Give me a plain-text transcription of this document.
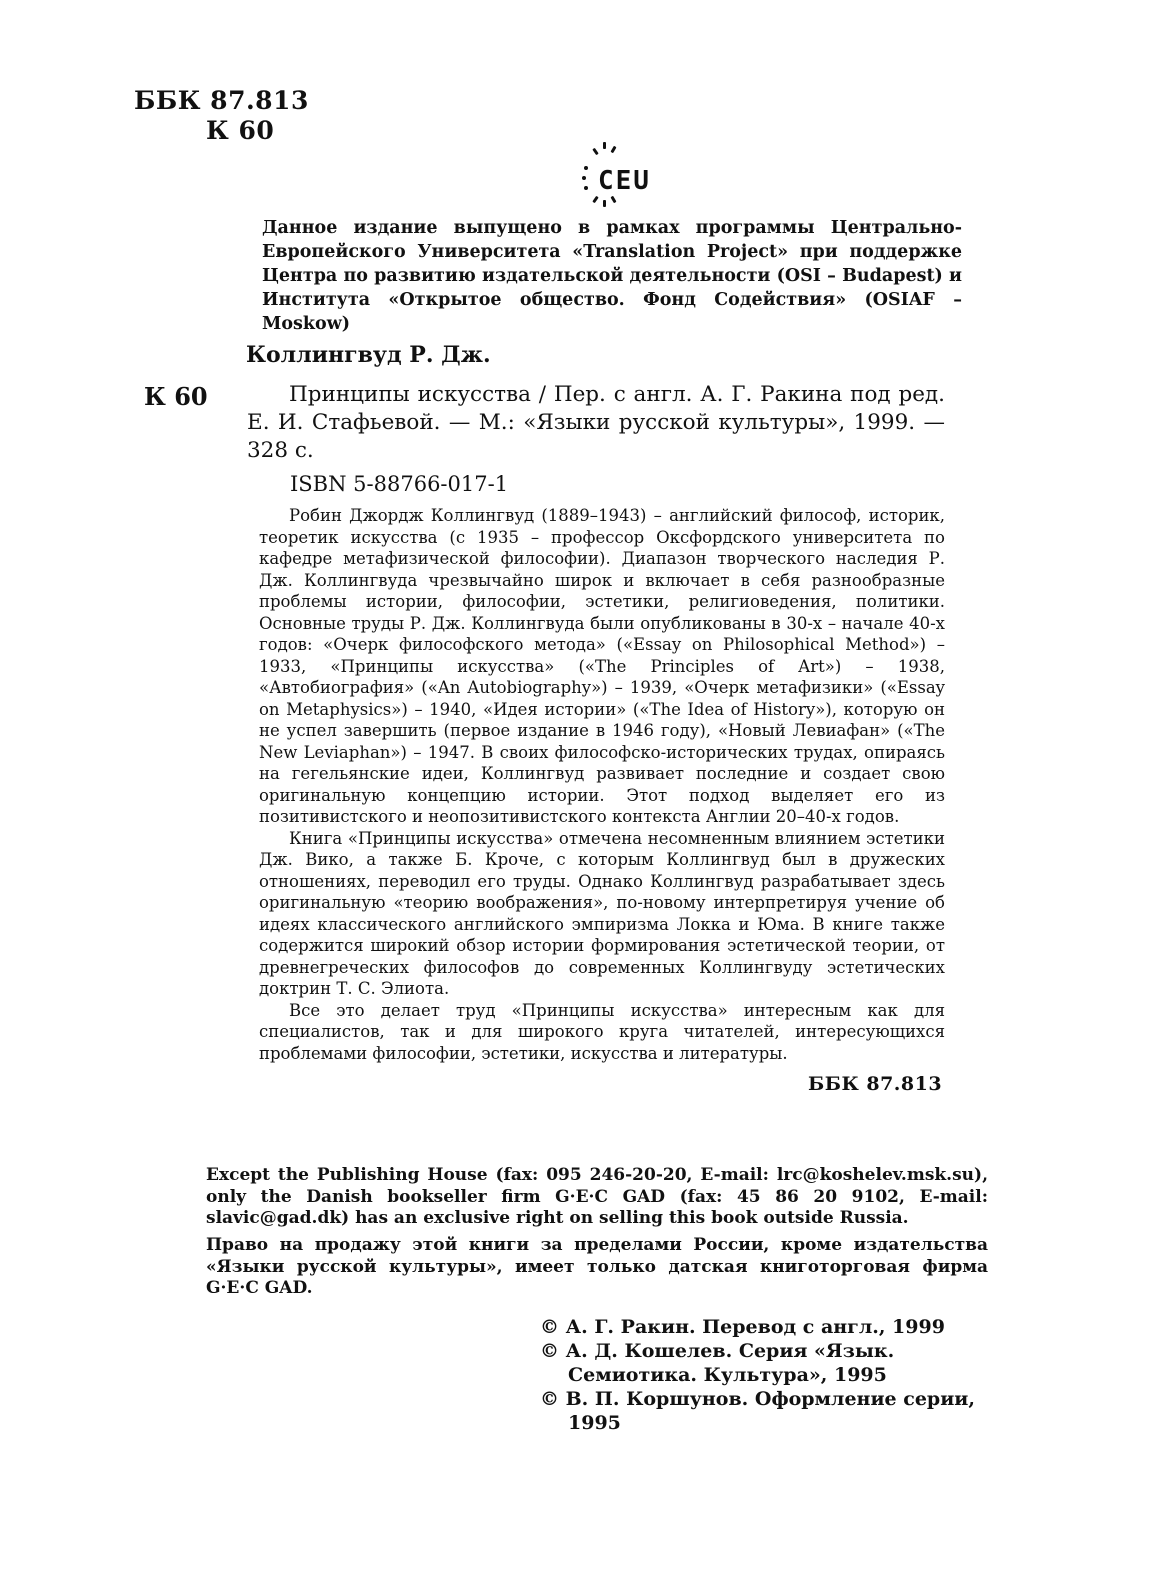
ББК 87.813
К 60
CEU
Данное издание выпущено в рамках программы Центрально-Европейского Университета «Translation Project» при поддержке Центра по развитию издательской деятельности (OSI – Budapest) и Института «Открытое общество. Фонд Содействия» (OSIAF – Moskow)
Коллингвуд Р. Дж.
К 60	Принципы искусства / Пер. с англ. А. Г. Ракина под ред. Е. И. Стафьевой. — М.: «Языки русской культуры», 1999. — 328 с.
ISBN 5-88766-017-1

Робин Джордж Коллингвуд (1889–1943) – английский философ, историк, теоретик искусства (с 1935 – профессор Оксфордского университета по кафедре метафизической философии). Диапазон творческого наследия Р. Дж. Коллингвуда чрезвычайно широк и включает в себя разнообразные проблемы истории, философии, эстетики, религиоведения, политики. Основные труды Р. Дж. Коллингвуда были опубликованы в 30-х – начале 40-х годов: «Очерк философского метода» («Essay on Philosophical Method») – 1933, «Принципы искусства» («The Principles of Art») – 1938, «Автобиография» («An Autobiography») – 1939, «Очерк метафизики» («Essay on Metaphysics») – 1940, «Идея истории» («The Idea of History»), которую он не успел завершить (первое издание в 1946 году), «Новый Левиафан» («The New Leviaphan») – 1947. В своих философско-исторических трудах, опираясь на гегельянские идеи, Коллингвуд развивает последние и создает свою оригинальную концепцию истории. Этот подход выделяет его из позитивистского и неопозитивистского контекста Англии 20–40-х годов.

Книга «Принципы искусства» отмечена несомненным влиянием эстетики Дж. Вико, а также Б. Кроче, с которым Коллингвуд был в дружеских отношениях, переводил его труды. Однако Коллингвуд разрабатывает здесь оригинальную «теорию воображения», по-новому интерпретируя учение об идеях классического английского эмпиризма Локка и Юма. В книге также содержится широкий обзор истории формирования эстетической теории, от древнегреческих философов до современных Коллингвуду эстетических доктрин Т. С. Элиота.

Все это делает труд «Принципы искусства» интересным как для специалистов, так и для широкого круга читателей, интересующихся проблемами философии, эстетики, искусства и литературы.

ББК 87.813
Except the Publishing House (fax: 095 246-20-20, E-mail: lrc@koshelev.msk.su), only the Danish bookseller firm G·E·C GAD (fax: 45 86 20 9102, E-mail: slavic@gad.dk) has an exclusive right on selling this book outside Russia.
Право на продажу этой книги за пределами России, кроме издательства «Языки русской культуры», имеет только датская книготорговая фирма G·E·C GAD.
© А. Г. Ракин. Перевод с англ., 1999
© А. Д. Кошелев. Серия «Язык. Семиотика. Культура», 1995
© В. П. Коршунов. Оформление серии, 1995
